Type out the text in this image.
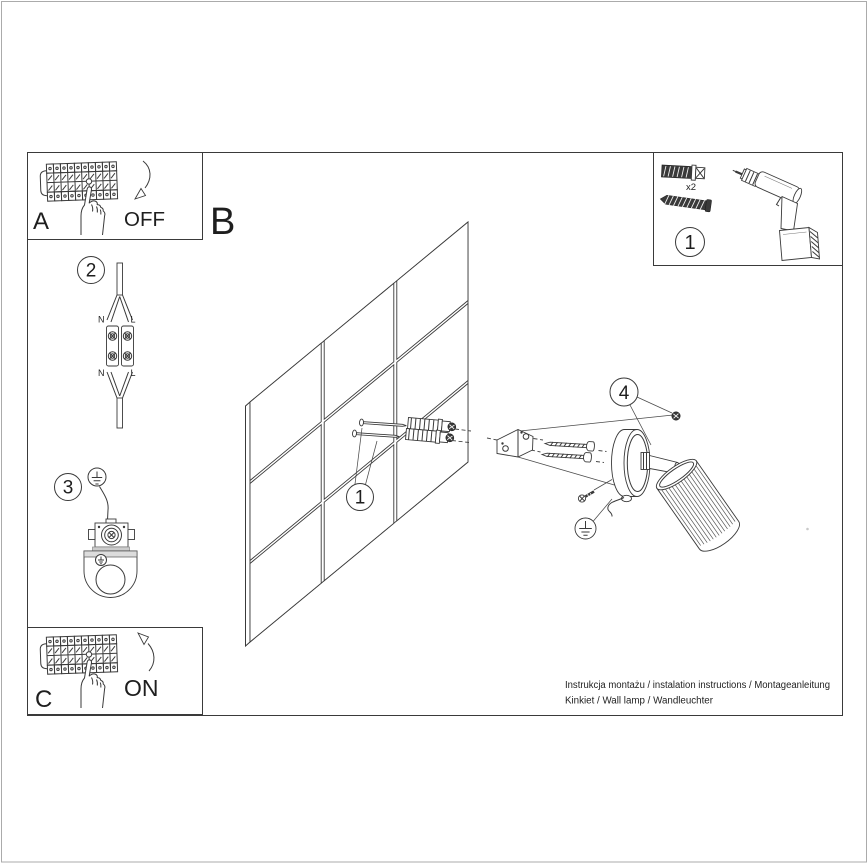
A	OFF B
C	ON
2
N	L
N	L
3	1
4
x2
1
Instrukcja montażu / instalation instructions / Montageanleitung
Kinkiet / Wall lamp / Wandleuchter
